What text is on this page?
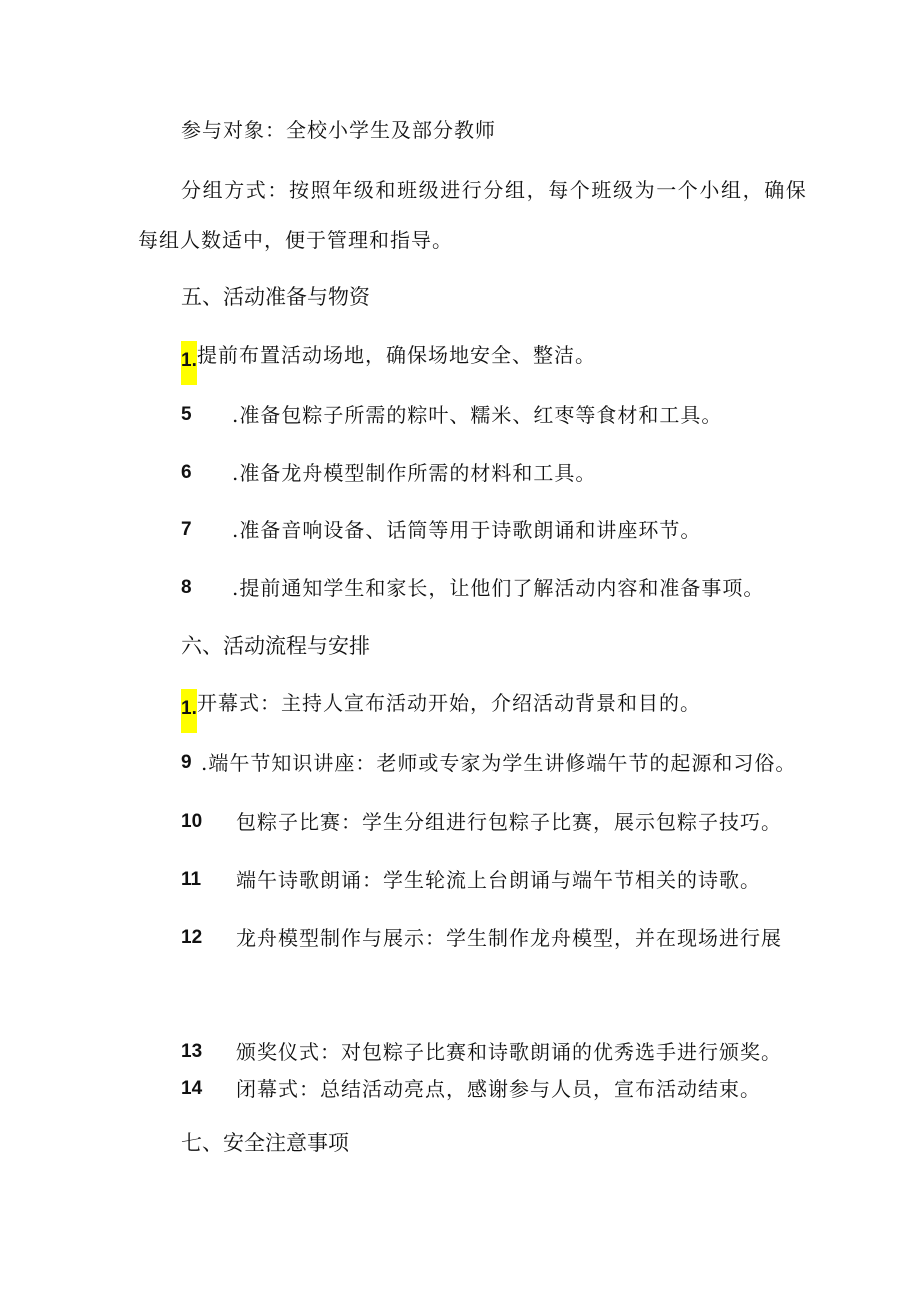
参与对象：全校小学生及部分教师
分组方式：按照年级和班级进行分组，每个班级为一个小组，确保
每组人数适中，便于管理和指导。
五、活动准备与物资
1. 提前布置活动场地，确保场地安全、整洁。
5 .准备包粽子所需的粽叶、糯米、红枣等食材和工具。
6 .准备龙舟模型制作所需的材料和工具。
7 .准备音响设备、话筒等用于诗歌朗诵和讲座环节。
8 .提前通知学生和家长，让他们了解活动内容和准备事项。
六、活动流程与安排
1. 开幕式：主持人宣布活动开始，介绍活动背景和目的。
9 .端午节知识讲座：老师或专家为学生讲修端午节的起源和习俗。
10 包粽子比赛：学生分组进行包粽子比赛，展示包粽子技巧。
11 端午诗歌朗诵：学生轮流上台朗诵与端午节相关的诗歌。
12 龙舟模型制作与展示：学生制作龙舟模型，并在现场进行展
13 颁奖仪式：对包粽子比赛和诗歌朗诵的优秀选手进行颁奖。
14 闭幕式：总结活动亮点，感谢参与人员，宣布活动结束。
七、安全注意事项
